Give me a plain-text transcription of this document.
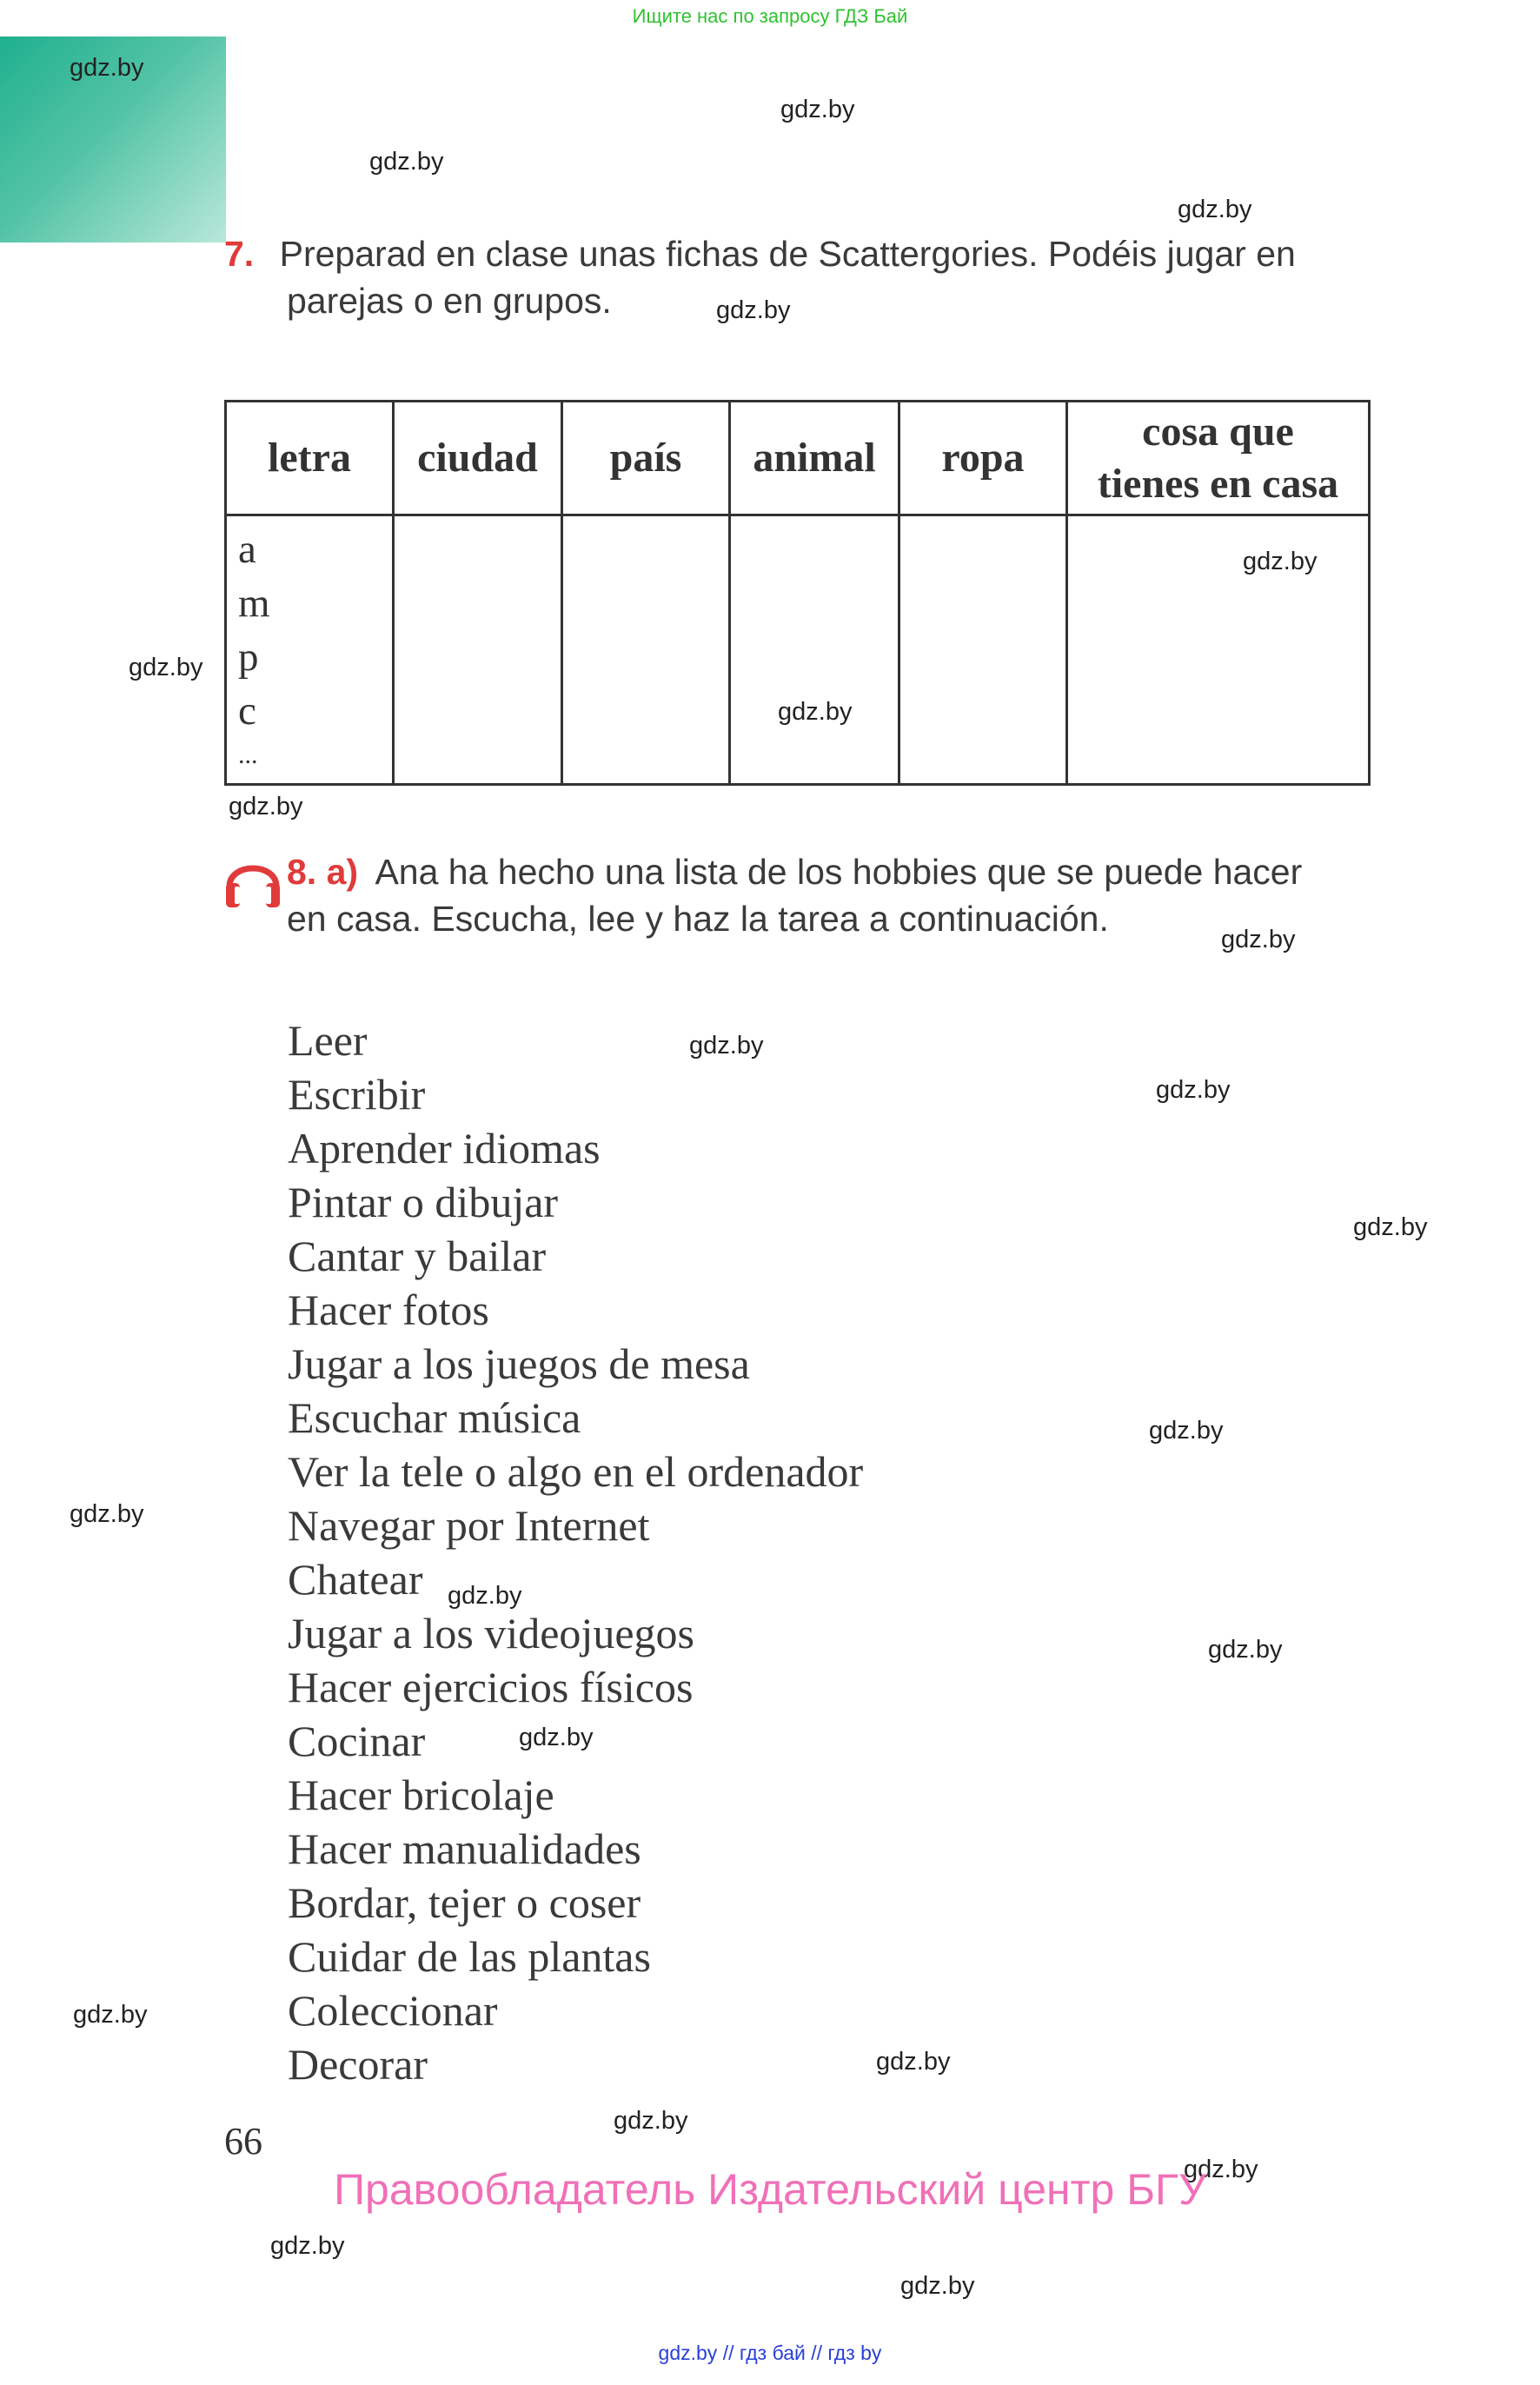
Ищите нас по запросу ГДЗ Бай
gdz.by
gdz.by
gdz.by
gdz.by
gdz.by
gdz.by
gdz.by
gdz.by
gdz.by
gdz.by
gdz.by
gdz.by
gdz.by
gdz.by
gdz.by
gdz.by
gdz.by
gdz.by
gdz.by
gdz.by
gdz.by
gdz.by
gdz.by
gdz.by
7. Preparad en clase unas fichas de Scattergories. Podéis jugar en
parejas o en grupos.
letra	ciudad	país	animal	ropa	cosa que
tienes en casa

a
m
p
c
...					

8. a) Ana ha hecho una lista de los hobbies que se puede hacer
en casa. Escucha, lee y haz la tarea a continuación.
Leer
Escribir
Aprender idiomas
Pintar o dibujar
Cantar y bailar
Hacer fotos
Jugar a los juegos de mesa
Escuchar música
Ver la tele o algo en el ordenador
Navegar por Internet
Chatear
Jugar a los videojuegos
Hacer ejercicios físicos
Cocinar
Hacer bricolaje
Hacer manualidades
Bordar, tejer o coser
Cuidar de las plantas
Coleccionar
Decorar
66
Правообладатель Издательский центр БГУ
gdz.by // гдз бай // гдз by
